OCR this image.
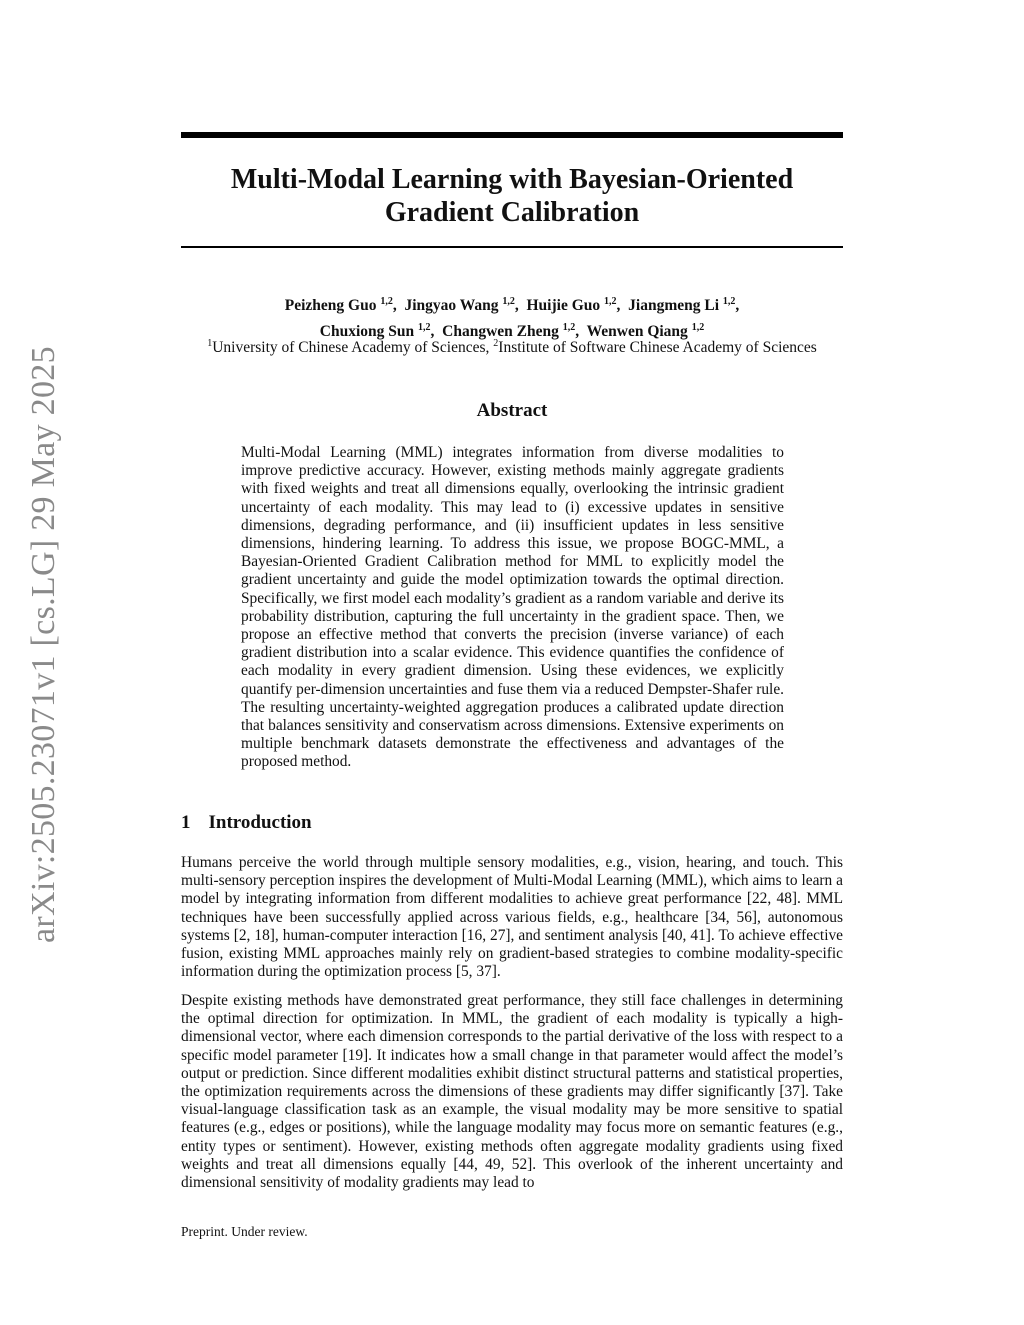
arXiv:2505.23071v1 [cs.LG] 29 May 2025
Multi-Modal Learning with Bayesian-Oriented
Gradient Calibration
Peizheng Guo $^{1,2}$,  Jingyao Wang $^{1,2}$,  Huijie Guo $^{1,2}$,  Jiangmeng Li $^{1,2}$,
Chuxiong Sun $^{1,2}$,  Changwen Zheng $^{1,2}$,  Wenwen Qiang $^{1,2}$
$^1$University of Chinese Academy of Sciences, $^2$Institute of Software Chinese Academy of Sciences
Abstract
Multi-Modal Learning (MML) integrates information from diverse modalities to improve predictive accuracy. However, existing methods mainly aggregate gradients with fixed weights and treat all dimensions equally, overlooking the intrinsic gradient uncertainty of each modality. This may lead to (i) excessive updates in sensitive dimensions, degrading performance, and (ii) insufficient updates in less sensitive dimensions, hindering learning. To address this issue, we propose BOGC-MML, a Bayesian-Oriented Gradient Calibration method for MML to explicitly model the gradient uncertainty and guide the model optimization towards the optimal direction. Specifically, we first model each modality’s gradient as a random variable and derive its probability distribution, capturing the full uncertainty in the gradient space. Then, we propose an effective method that converts the precision (inverse variance) of each gradient distribution into a scalar evidence. This evidence quantifies the confidence of each modality in every gradient dimension. Using these evidences, we explicitly quantify per-dimension uncertainties and fuse them via a reduced Dempster-Shafer rule. The resulting uncertainty-weighted aggregation produces a calibrated update direction that balances sensitivity and conservatism across dimensions. Extensive experiments on multiple benchmark datasets demonstrate the effectiveness and advantages of the proposed method.
1 Introduction
Humans perceive the world through multiple sensory modalities, e.g., vision, hearing, and touch. This multi-sensory perception inspires the development of Multi-Modal Learning (MML), which aims to learn a model by integrating information from different modalities to achieve great performance [22, 48]. MML techniques have been successfully applied across various fields, e.g., healthcare [34, 56], autonomous systems [2, 18], human-computer interaction [16, 27], and sentiment analysis [40, 41]. To achieve effective fusion, existing MML approaches mainly rely on gradient-based strategies to combine modality-specific information during the optimization process [5, 37].
Despite existing methods have demonstrated great performance, they still face challenges in determining the optimal direction for optimization. In MML, the gradient of each modality is typically a high-dimensional vector, where each dimension corresponds to the partial derivative of the loss with respect to a specific model parameter [19]. It indicates how a small change in that parameter would affect the model’s output or prediction. Since different modalities exhibit distinct structural patterns and statistical properties, the optimization requirements across the dimensions of these gradients may differ significantly [37]. Take visual-language classification task as an example, the visual modality may be more sensitive to spatial features (e.g., edges or positions), while the language modality may focus more on semantic features (e.g., entity types or sentiment). However, existing methods often aggregate modality gradients using fixed weights and treat all dimensions equally [44, 49, 52]. This overlook of the inherent uncertainty and dimensional sensitivity of modality gradients may lead to
Preprint. Under review.
